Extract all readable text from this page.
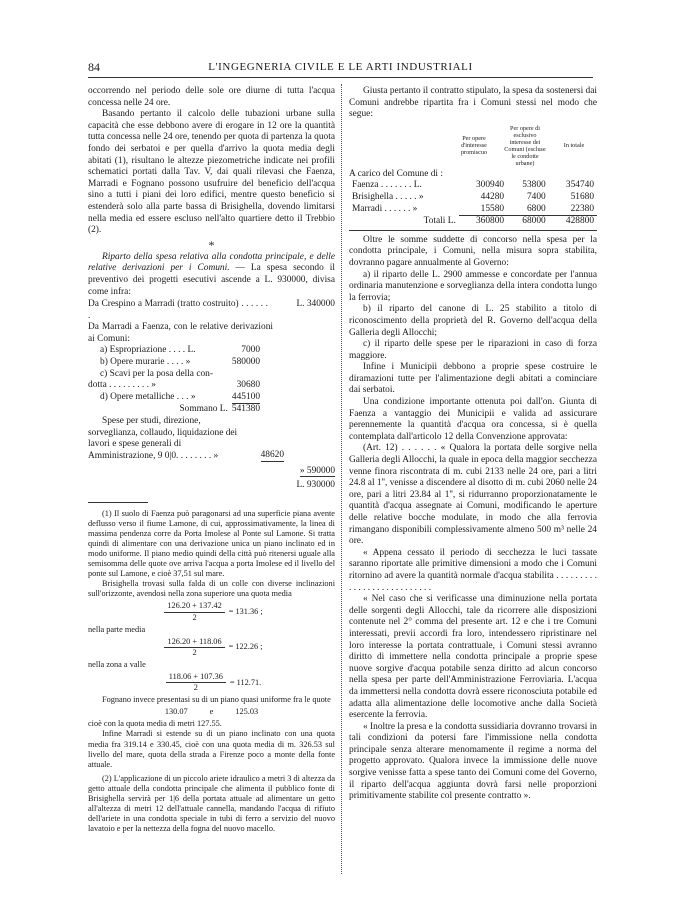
84	L'INGEGNERIA CIVILE E LE ARTI INDUSTRIALI

occorrendo nel periodo delle sole ore diurne di tutta l'acqua concessa nelle 24 ore.

Basando pertanto il calcolo delle tubazioni urbane sulla capacità che esse debbono avere di erogare in 12 ore la quantità tutta concessa nelle 24 ore, tenendo per quota di partenza la quota fondo dei serbatoi e per quella d'arrivo la quota media degli abitati (1), risultano le altezze piezometriche indicate nei profili schematici portati dalla Tav. V, dai quali rilevasi che Faenza, Marradi e Fognano possono usufruire del beneficio dell'acqua sino a tutti i piani dei loro edifici, mentre questo beneficio si estenderà solo alla parte bassa di Brisighella, dovendo limitarsi nella media ed essere escluso nell'alto quartiere detto il Trebbio (2).

*

Riparto della spesa relativa alla condotta principale, e delle relative derivazioni per i Comuni. — La spesa secondo il preventivo dei progetti esecutivi ascende a L. 930000, divisa come infra:

Da Crespino a Marradi (tratto costruito) . . . . . . .
L. 340000

Da Marradi a Faenza, con le relative derivazioni ai Comuni:

a) Espropriazione . . . . L.	7000
b) Opere murarie . . . . »	580000
c) Scavi per la posa della con-
dotta . . . . . . . . . »	30680
d) Opere metalliche . . . »	445100
Sommano L. 541380
Spese per studi, direzione, sorveglianza, collaudo, liquidazione dei lavori e spese generali di Amministrazione, 9 0|0. . . . . . . . »	48620
» 590000
L. 930000

(1) Il suolo di Faenza può paragonarsi ad una superficie piana avente deflusso verso il fiume Lamone, di cui, approssimativamente, la linea di massima pendenza corre da Porta Imolese al Ponte sul Lamone. Si tratta quindi di alimentare con una derivazione unica un piano inclinato ed in modo uniforme. Il piano medio quindi della città può ritenersi uguale alla semisomma delle quote ove arriva l'acqua a porta Imolese ed il livello del ponte sul Lamone, e cioè 37,51 sul mare.

Brisighella trovasi sulla falda di un colle con diverse inclinazioni sull'orizzonte, avendosi nella zona superiore una quota media

$\frac{126.20 + 137.42}{2} = 131.36$ ;

nella parte media

$\frac{126.20 + 118.06}{2} = 122.26$ ;

nella zona a valle

$\frac{118.06 + 107.36}{2} = 112.71$.

Fognano invece presentasi su di un piano quasi uniforme fra le quote

130.07	e	125.03

cioè con la quota media di metri 127.55.

Infine Marradi si estende su di un piano inclinato con una quota media fra 319.14 e 330.45, cioè con una quota media di m. 326.53 sul livello del mare, quota della strada a Firenze poco a monte della fonte attuale.

(2) L'applicazione di un piccolo ariete idraulico a metri 3 di altezza da getto attuale della condotta principale che alimenta il pubblico fonte di Brisighella servirà per 1|6 della portata attuale ad alimentare un getto all'altezza di metri 12 dell'attuale cannella, mandando l'acqua di rifiuto dell'ariete in una condotta speciale in tubi di ferro a servizio del nuovo lavatoio e per la nettezza della fogna del nuovo macello.

Giusta pertanto il contratto stipulato, la spesa da sostenersi dai Comuni andrebbe ripartita fra i Comuni stessi nel modo che segue:

Per opere d'interesse promiscuo	Per opere di esclusivo interesse dei Comuni (escluse le condotte urbane)	In totale

A carico del Comune di :

Faenza . . . . . . . L.	300940	53800	354740
Brisighella . . . . . »	44280	7400	51680
Marradi . . . . . . »	15580	6800	22380
Totali L.	360800	68000	428800

Oltre le somme suddette di concorso nella spesa per la condotta principale, i Comuni, nella misura sopra stabilita, dovranno pagare annualmente al Governo:

a) il riparto delle L. 2900 ammesse e concordate per l'annua ordinaria manutenzione e sorveglianza della intera condotta lungo la ferrovia;

b) il riparto del canone di L. 25 stabilito a titolo di riconoscimento della proprietà del R. Governo dell'acqua della Galleria degli Allocchi;

c) il riparto delle spese per le riparazioni in caso di forza maggiore.

Infine i Municipii debbono a proprie spese costruire le diramazioni tutte per l'alimentazione degli abitati a cominciare dai serbatoi.

Una condizione importante ottenuta poi dall'on. Giunta di Faenza a vantaggio dei Municipii e valida ad assicurare perennemente la quantità d'acqua ora concessa, si è quella contemplata dall'articolo 12 della Convenzione approvata:

(Art. 12) . . . . . . « Qualora la portata delle sorgive nella Galleria degli Allocchi, la quale in epoca della maggior secchezza venne finora riscontrata di m. cubi 2133 nelle 24 ore, pari a litri 24.8 al 1'', venisse a discendere al disotto di m. cubi 2060 nelle 24 ore, pari a litri 23.84 al 1'', si ridurranno proporzionatamente le quantità d'acqua assegnate ai Comuni, modificando le aperture delle relative bocche modulate, in modo che alla ferrovia rimangano disponibili complessivamente almeno 500 m³ nelle 24 ore.

« Appena cessato il periodo di secchezza le luci tassate saranno riportate alle primitive dimensioni a modo che i Comuni ritornino ad avere la quantità normale d'acqua stabilita . . . . . . . . . . . . . . . . . . . . . . . . . . .

« Nel caso che si verificasse una diminuzione nella portata delle sorgenti degli Allocchi, tale da ricorrere alle disposizioni contenute nel 2° comma del presente art. 12 e che i tre Comuni interessati, previi accordi fra loro, intendessero ripristinare nel loro interesse la portata contrattuale, i Comuni stessi avranno diritto di immettere nella condotta principale a proprie spese nuove sorgive d'acqua potabile senza diritto ad alcun concorso nella spesa per parte dell'Amministrazione Ferroviaria. L'acqua da immettersi nella condotta dovrà essere riconosciuta potabile ed adatta alla alimentazione delle locomotive anche dalla Società esercente la ferrovia.

« Inoltre la presa e la condotta sussidiaria dovranno trovarsi in tali condizioni da potersi fare l'immissione nella condotta principale senza alterare menomamente il regime a norma del progetto approvato. Qualora invece la immissione delle nuove sorgive venisse fatta a spese tanto dei Comuni come del Governo, il riparto dell'acqua aggiunta dovrà farsi nelle proporzioni primitivamente stabilite col presente contratto ».
